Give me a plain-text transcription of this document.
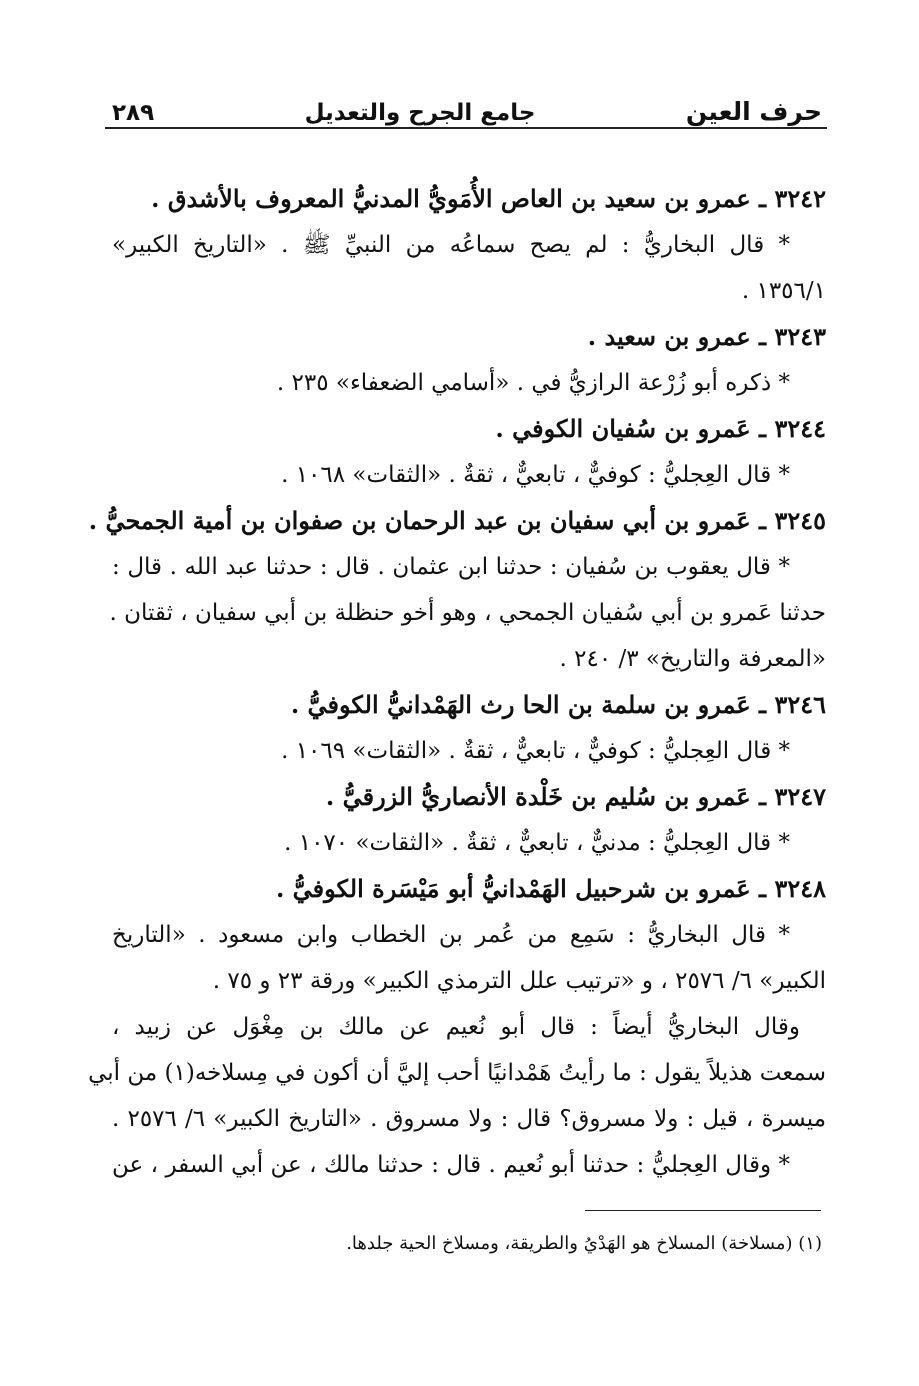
حرف العين
جامع الجرح والتعديل
٢٨٩
٣٢٤٢ ـ عمرو بن سعيد بن العاص الأُمَويُّ المدنيُّ المعروف بالأشدق .
* قال البخاريُّ : لم يصح سماعُه من النبيِّ ﷺ . «التاريخ الكبير»
١٣٥٦/١ .
٣٢٤٣ ـ عمرو بن سعيد .
* ذكره أبو زُرْعة الرازيُّ في . «أسامي الضعفاء» ٢٣٥ .
٣٢٤٤ ـ عَمرو بن سُفيان الكوفي .
* قال العِجليُّ : كوفيٌّ ، تابعيٌّ ، ثقةٌ . «الثقات» ١٠٦٨ .
٣٢٤٥ ـ عَمرو بن أبي سفيان بن عبد الرحمان بن صفوان بن أمية الجمحيُّ .
* قال يعقوب بن سُفيان : حدثنا ابن عثمان . قال : حدثنا عبد الله . قال :
حدثنا عَمرو بن أبي سُفيان الجمحي ، وهو أخو حنظلة بن أبي سفيان ، ثقتان .
«المعرفة والتاريخ» ٣/ ٢٤٠ .
٣٢٤٦ ـ عَمرو بن سلمة بن الحا رث الهَمْدانيُّ الكوفيُّ .
* قال العِجليُّ : كوفيٌّ ، تابعيٌّ ، ثقةٌ . «الثقات» ١٠٦٩ .
٣٢٤٧ ـ عَمرو بن سُليم بن خَلْدة الأنصاريُّ الزرقيُّ .
* قال العِجليُّ : مدنيٌّ ، تابعيٌّ ، ثقةٌ . «الثقات» ١٠٧٠ .
٣٢٤٨ ـ عَمرو بن شرحبيل الهَمْدانيُّ أبو مَيْسَرة الكوفيُّ .
* قال البخاريُّ : سَمِع من عُمر بن الخطاب وابن مسعود . «التاريخ
الكبير» ٦/ ٢٥٧٦ ، و «ترتيب علل الترمذي الكبير» ورقة ٢٣ و ٧٥ .
وقال البخاريُّ أيضاً : قال أبو نُعيم عن مالك بن مِغْوَل عن زبيد ،
سمعت هذيلاً يقول : ما رأيتُ هَمْدانيًا أحب إليَّ أن أكون في مِسلاخه(١) من أبي
ميسرة ، قيل : ولا مسروق؟ قال : ولا مسروق . «التاريخ الكبير» ٦/ ٢٥٧٦ .
* وقال العِجليُّ : حدثنا أبو نُعيم . قال : حدثنا مالك ، عن أبي السفر ، عن
(١) (مسلاخة) المسلاخ هو الهَدْيُ والطريقة، ومسلاخ الحية جلدها.
